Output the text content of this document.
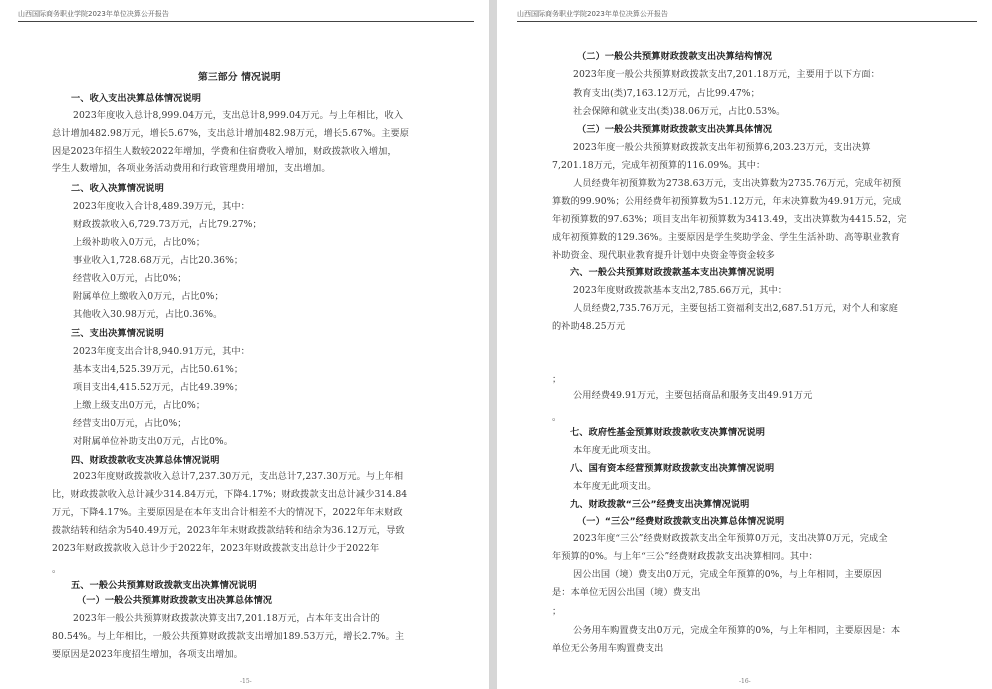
山西国际商务职业学院2023年单位决算公开报告
第三部分 情况说明
一、收入支出决算总体情况说明
2023年度收入总计8,999.04万元，支出总计8,999.04万元。与上年相比，收入
总计增加482.98万元，增长5.67%，支出总计增加482.98万元，增长5.67%。主要原
因是2023年招生人数较2022年增加，学费和住宿费收入增加，财政拨款收入增加，
学生人数增加，各项业务活动费用和行政管理费用增加，支出增加。
二、收入决算情况说明
2023年度收入合计8,489.39万元，其中：
财政拨款收入6,729.73万元，占比79.27%；
上级补助收入0万元，占比0%；
事业收入1,728.68万元，占比20.36%；
经营收入0万元，占比0%；
附属单位上缴收入0万元，占比0%；
其他收入30.98万元，占比0.36%。
三、支出决算情况说明
2023年度支出合计8,940.91万元，其中：
基本支出4,525.39万元，占比50.61%；
项目支出4,415.52万元，占比49.39%；
上缴上级支出0万元，占比0%；
经营支出0万元，占比0%；
对附属单位补助支出0万元，占比0%。
四、财政拨款收支决算总体情况说明
2023年度财政拨款收入总计7,237.30万元，支出总计7,237.30万元。与上年相
比，财政拨款收入总计减少314.84万元，下降4.17%；财政拨款支出总计减少314.84
万元，下降4.17%。主要原因是在本年支出合计相差不大的情况下，2022年年末财政
拨款结转和结余为540.49万元，2023年年末财政拨款结转和结余为36.12万元，导致
2023年财政拨款收入总计少于2022年，2023年财政拨款支出总计少于2022年
。
五、一般公共预算财政拨款支出决算情况说明
（一）一般公共预算财政拨款支出决算总体情况
2023年一般公共预算财政拨款决算支出7,201.18万元，占本年支出合计的
80.54%。与上年相比，一般公共预算财政拨款支出增加189.53万元，增长2.7%。主
要原因是2023年度招生增加，各项支出增加。
-15-
山西国际商务职业学院2023年单位决算公开报告
（二）一般公共预算财政拨款支出决算结构情况
2023年度一般公共预算财政拨款支出7,201.18万元，主要用于以下方面：
教育支出(类)7,163.12万元，占比99.47%；
社会保障和就业支出(类)38.06万元，占比0.53%。
（三）一般公共预算财政拨款支出决算具体情况
2023年度一般公共预算财政拨款支出年初预算6,203.23万元，支出决算
7,201.18万元，完成年初预算的116.09%。其中：
人员经费年初预算数为2738.63万元，支出决算数为2735.76万元，完成年初预
算数的99.90%；公用经费年初预算数为51.12万元，年末决算数为49.91万元，完成
年初预算数的97.63%；项目支出年初预算数为3413.49，支出决算数为4415.52，完
成年初预算数的129.36%。主要原因是学生奖助学金、学生生活补助、高等职业教育
补助资金、现代职业教育提升计划中央资金等资金较多
六、一般公共预算财政拨款基本支出决算情况说明
2023年度财政拨款基本支出2,785.66万元，其中：
人员经费2,735.76万元，主要包括工资福利支出2,687.51万元，对个人和家庭
的补助48.25万元
；
公用经费49.91万元，主要包括商品和服务支出49.91万元
。
七、政府性基金预算财政拨款收支决算情况说明
本年度无此项支出。
八、国有资本经营预算财政拨款支出决算情况说明
本年度无此项支出。
九、财政拨款“三公”经费支出决算情况说明
（一）“三公”经费财政拨款支出决算总体情况说明
2023年度“三公”经费财政拨款支出全年预算0万元，支出决算0万元，完成全
年预算的0%。与上年“三公”经费财政拨款支出决算相同。其中：
因公出国（境）费支出0万元，完成全年预算的0%，与上年相同，主要原因
是：本单位无因公出国（境）费支出
；
公务用车购置费支出0万元，完成全年预算的0%，与上年相同，主要原因是：本
单位无公务用车购置费支出
-16-
